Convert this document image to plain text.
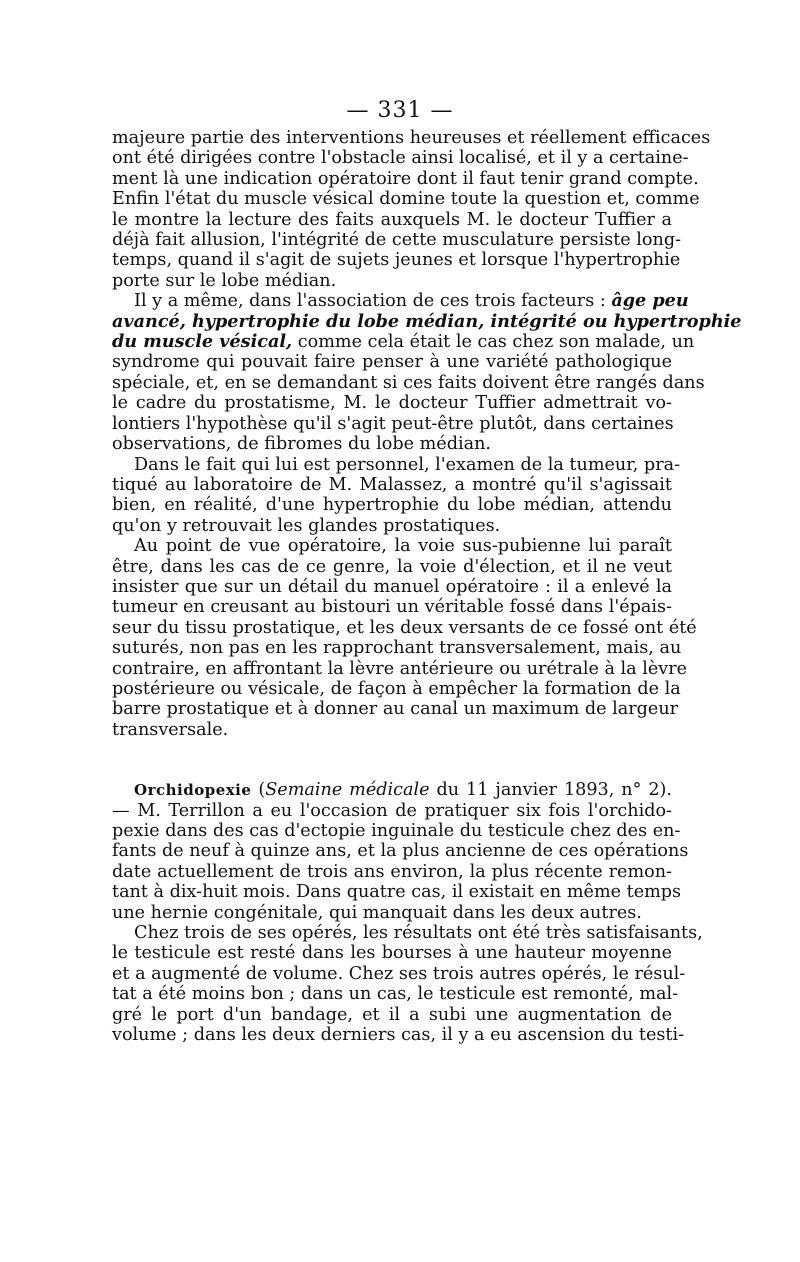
— 331 —
majeure partie des interventions heureuses et réellement efficaces
ont été dirigées contre l'obstacle ainsi localisé, et il y a certaine-
ment là une indication opératoire dont il faut tenir grand compte.
Enfin l'état du muscle vésical domine toute la question et, comme
le montre la lecture des faits auxquels M. le docteur Tuffier a
déjà fait allusion, l'intégrité de cette musculature persiste long-
temps, quand il s'agit de sujets jeunes et lorsque l'hypertrophie
porte sur le lobe médian.
Il y a même, dans l'association de ces trois facteurs : âge peu
avancé, hypertrophie du lobe médian, intégrité ou hypertrophie
du muscle vésical, comme cela était le cas chez son malade, un
syndrome qui pouvait faire penser à une variété pathologique
spéciale, et, en se demandant si ces faits doivent être rangés dans
le cadre du prostatisme, M. le docteur Tuffier admettrait vo-
lontiers l'hypothèse qu'il s'agit peut-être plutôt, dans certaines
observations, de fibromes du lobe médian.
Dans le fait qui lui est personnel, l'examen de la tumeur, pra-
tiqué au laboratoire de M. Malassez, a montré qu'il s'agissait
bien, en réalité, d'une hypertrophie du lobe médian, attendu
qu'on y retrouvait les glandes prostatiques.
Au point de vue opératoire, la voie sus-pubienne lui paraît
être, dans les cas de ce genre, la voie d'élection, et il ne veut
insister que sur un détail du manuel opératoire : il a enlevé la
tumeur en creusant au bistouri un véritable fossé dans l'épais-
seur du tissu prostatique, et les deux versants de ce fossé ont été
suturés, non pas en les rapprochant transversalement, mais, au
contraire, en affrontant la lèvre antérieure ou urétrale à la lèvre
postérieure ou vésicale, de façon à empêcher la formation de la
barre prostatique et à donner au canal un maximum de largeur
transversale.
Orchidopexie (Semaine médicale du 11 janvier 1893, n° 2).
— M. Terrillon a eu l'occasion de pratiquer six fois l'orchido-
pexie dans des cas d'ectopie inguinale du testicule chez des en-
fants de neuf à quinze ans, et la plus ancienne de ces opérations
date actuellement de trois ans environ, la plus récente remon-
tant à dix-huit mois. Dans quatre cas, il existait en même temps
une hernie congénitale, qui manquait dans les deux autres.
Chez trois de ses opérés, les résultats ont été très satisfaisants,
le testicule est resté dans les bourses à une hauteur moyenne
et a augmenté de volume. Chez ses trois autres opérés, le résul-
tat a été moins bon ; dans un cas, le testicule est remonté, mal-
gré le port d'un bandage, et il a subi une augmentation de
volume ; dans les deux derniers cas, il y a eu ascension du testi-
